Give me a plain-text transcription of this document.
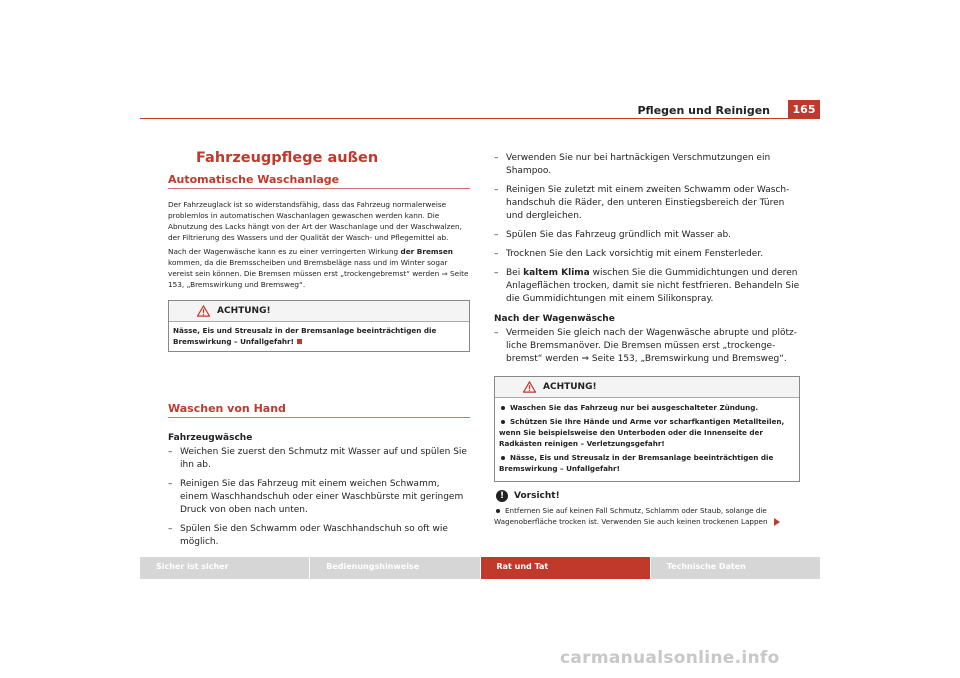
Pflegen und Reinigen	165
Fahrzeugpflege außen
Automatische Waschanlage

Der Fahrzeuglack ist so widerstandsfähig, dass das Fahrzeug normalerweise problemlos in automatischen Waschanlagen gewaschen werden kann. Die Abnutzung des Lacks hängt von der Art der Waschanlage und der Waschwalzen, der Filtrierung des Wassers und der Qualität der Wasch- und Pflegemittel ab.

Nach der Wagenwäsche kann es zu einer verringerten Wirkung der Bremsen kommen, da die Bremsscheiben und Bremsbeläge nass und im Winter sogar vereist sein können. Die Bremsen müssen erst „trockengebremst“ werden ⇒ Seite 153, „Bremswirkung und Bremsweg“.

ACHTUNG!
Nässe, Eis und Streusalz in der Bremsanlage beeinträchtigen die Bremswirkung – Unfallgefahr!
Waschen von Hand
Fahrzeugwäsche
– Weichen Sie zuerst den Schmutz mit Wasser auf und spülen Sie ihn ab.
– Reinigen Sie das Fahrzeug mit einem weichen Schwamm, einem Waschhandschuh oder einer Waschbürste mit geringem Druck von oben nach unten.
– Spülen Sie den Schwamm oder Waschhandschuh so oft wie möglich.
– Verwenden Sie nur bei hartnäckigen Verschmutzungen ein Shampoo.
– Reinigen Sie zuletzt mit einem zweiten Schwamm oder Waschhandschuh die Räder, den unteren Einstiegsbereich der Türen und dergleichen.
– Spülen Sie das Fahrzeug gründlich mit Wasser ab.
– Trocknen Sie den Lack vorsichtig mit einem Fensterleder.
– Bei kaltem Klima wischen Sie die Gummidichtungen und deren Anlageflächen trocken, damit sie nicht festfrieren. Behandeln Sie die Gummidichtungen mit einem Silikonspray.
Nach der Wagenwäsche
– Vermeiden Sie gleich nach der Wagenwäsche abrupte und plötzliche Bremsmanöver. Die Bremsen müssen erst „trockengebremst“ werden ⇒ Seite 153, „Bremswirkung und Bremsweg“.
ACHTUNG!
Waschen Sie das Fahrzeug nur bei ausgeschalteter Zündung.
Schützen Sie Ihre Hände und Arme vor scharfkantigen Metallteilen, wenn Sie beispielsweise den Unterboden oder die Innenseite der Radkästen reinigen – Verletzungsgefahr!
Nässe, Eis und Streusalz in der Bremsanlage beeinträchtigen die Bremswirkung – Unfallgefahr!
!	Vorsicht!
Entfernen Sie auf keinen Fall Schmutz, Schlamm oder Staub, solange die Wagenoberfläche trocken ist. Verwenden Sie auch keinen trockenen Lappen
Sicher ist sicher	Bedienungshinweise	Rat und Tat	Technische Daten
carmanualsonline.info
